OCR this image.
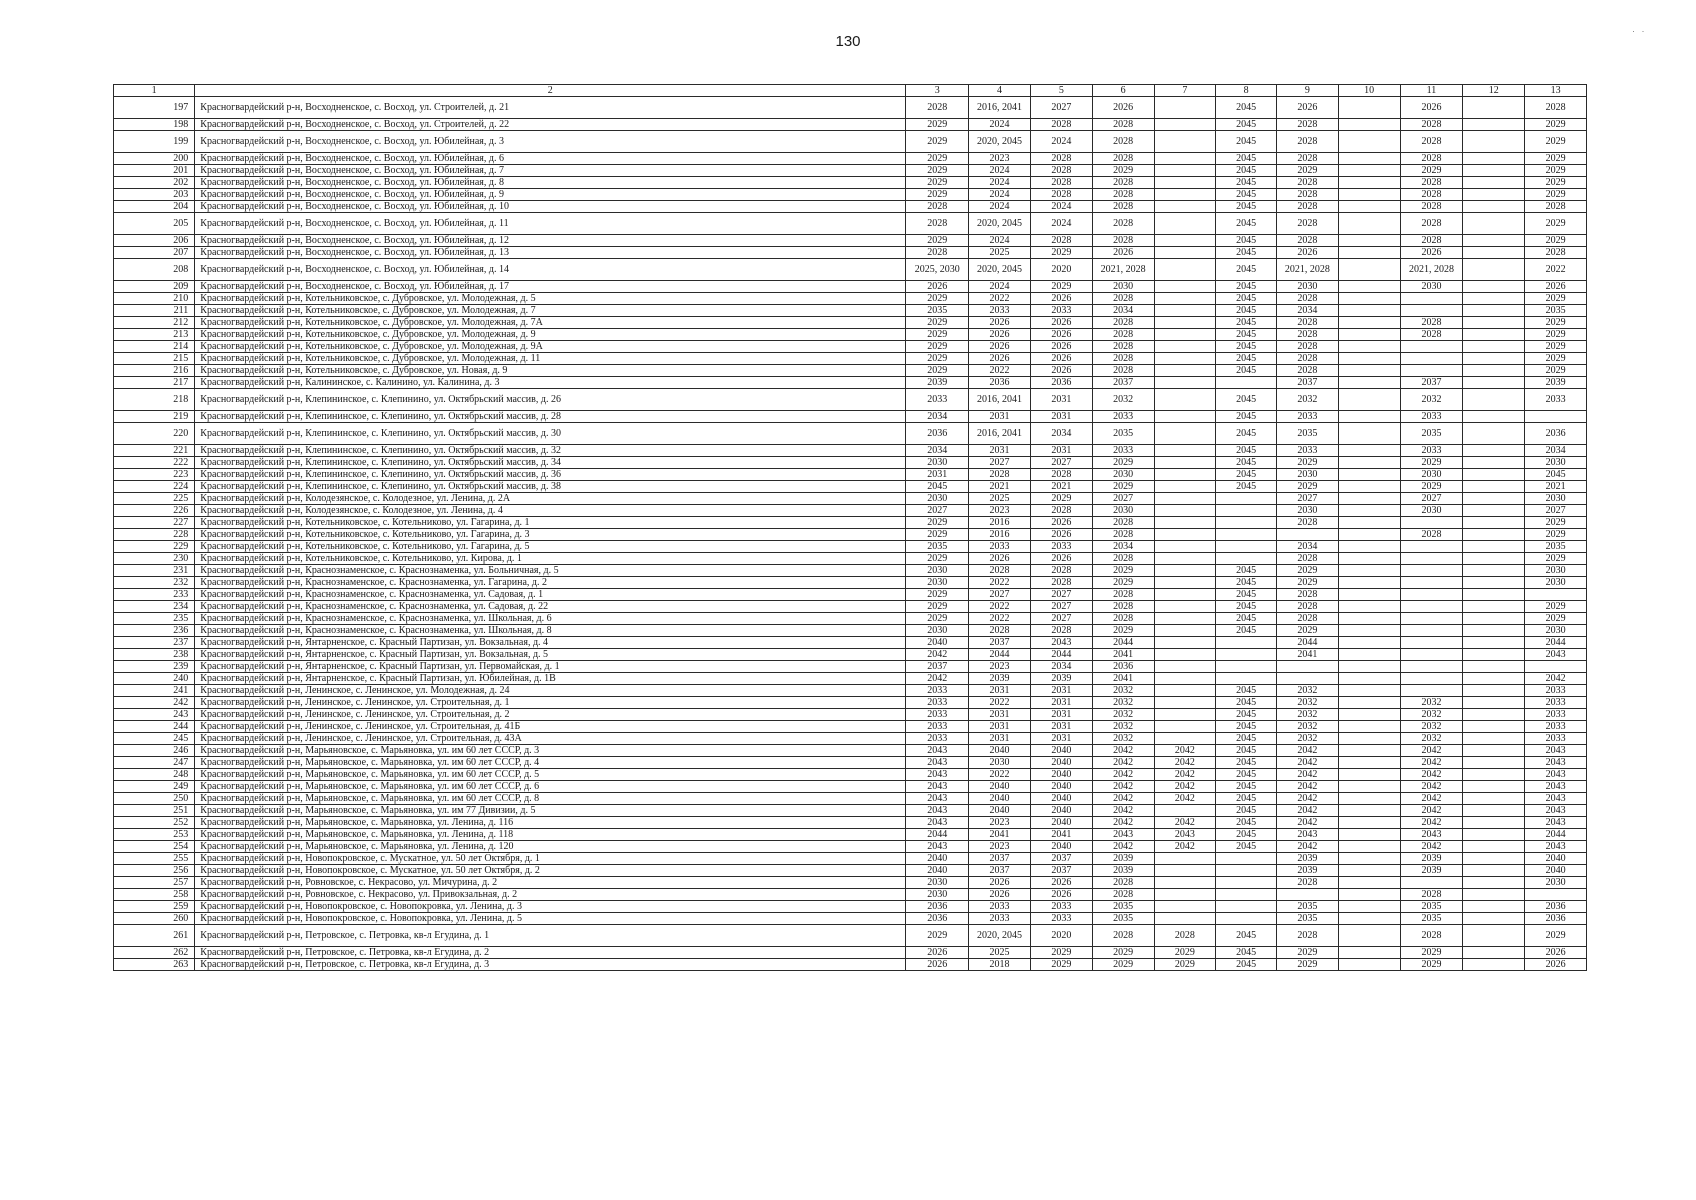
130
· ·
1	2	3	4	5	6	7	8	9	10	11	12	13
197	Красногвардейский р-н, Восходненское, с. Восход, ул. Строителей, д. 21	2028	2016, 2041	2027	2026		2045	2026		2026		2028
198	Красногвардейский р-н, Восходненское, с. Восход, ул. Строителей, д. 22	2029	2024	2028	2028		2045	2028		2028		2029
199	Красногвардейский р-н, Восходненское, с. Восход, ул. Юбилейная, д. 3	2029	2020, 2045	2024	2028		2045	2028		2028		2029
200	Красногвардейский р-н, Восходненское, с. Восход, ул. Юбилейная, д. 6	2029	2023	2028	2028		2045	2028		2028		2029
201	Красногвардейский р-н, Восходненское, с. Восход, ул. Юбилейная, д. 7	2029	2024	2028	2029		2045	2029		2029		2029
202	Красногвардейский р-н, Восходненское, с. Восход, ул. Юбилейная, д. 8	2029	2024	2028	2028		2045	2028		2028		2029
203	Красногвардейский р-н, Восходненское, с. Восход, ул. Юбилейная, д. 9	2029	2024	2028	2028		2045	2028		2028		2029
204	Красногвардейский р-н, Восходненское, с. Восход, ул. Юбилейная, д. 10	2028	2024	2024	2028		2045	2028		2028		2028
205	Красногвардейский р-н, Восходненское, с. Восход, ул. Юбилейная, д. 11	2028	2020, 2045	2024	2028		2045	2028		2028		2029
206	Красногвардейский р-н, Восходненское, с. Восход, ул. Юбилейная, д. 12	2029	2024	2028	2028		2045	2028		2028		2029
207	Красногвардейский р-н, Восходненское, с. Восход, ул. Юбилейная, д. 13	2028	2025	2029	2026		2045	2026		2026		2028
208	Красногвардейский р-н, Восходненское, с. Восход, ул. Юбилейная, д. 14	2025, 2030	2020, 2045	2020	2021, 2028		2045	2021, 2028		2021, 2028		2022
209	Красногвардейский р-н, Восходненское, с. Восход, ул. Юбилейная, д. 17	2026	2024	2029	2030		2045	2030		2030		2026
210	Красногвардейский р-н, Котельниковское, с. Дубровское, ул. Молодежная, д. 5	2029	2022	2026	2028		2045	2028				2029
211	Красногвардейский р-н, Котельниковское, с. Дубровское, ул. Молодежная, д. 7	2035	2033	2033	2034		2045	2034				2035
212	Красногвардейский р-н, Котельниковское, с. Дубровское, ул. Молодежная, д. 7А	2029	2026	2026	2028		2045	2028		2028		2029
213	Красногвардейский р-н, Котельниковское, с. Дубровское, ул. Молодежная, д. 9	2029	2026	2026	2028		2045	2028		2028		2029
214	Красногвардейский р-н, Котельниковское, с. Дубровское, ул. Молодежная, д. 9А	2029	2026	2026	2028		2045	2028				2029
215	Красногвардейский р-н, Котельниковское, с. Дубровское, ул. Молодежная, д. 11	2029	2026	2026	2028		2045	2028				2029
216	Красногвардейский р-н, Котельниковское, с. Дубровское, ул. Новая, д. 9	2029	2022	2026	2028		2045	2028				2029
217	Красногвардейский р-н, Калининское, с. Калинино, ул. Калинина, д. 3	2039	2036	2036	2037			2037		2037		2039
218	Красногвардейский р-н, Клепининское, с. Клепинино, ул. Октябрьский массив, д. 26	2033	2016, 2041	2031	2032		2045	2032		2032		2033
219	Красногвардейский р-н, Клепининское, с. Клепинино, ул. Октябрьский массив, д. 28	2034	2031	2031	2033		2045	2033		2033		
220	Красногвардейский р-н, Клепининское, с. Клепинино, ул. Октябрьский массив, д. 30	2036	2016, 2041	2034	2035		2045	2035		2035		2036
221	Красногвардейский р-н, Клепининское, с. Клепинино, ул. Октябрьский массив, д. 32	2034	2031	2031	2033		2045	2033		2033		2034
222	Красногвардейский р-н, Клепининское, с. Клепинино, ул. Октябрьский массив, д. 34	2030	2027	2027	2029		2045	2029		2029		2030
223	Красногвардейский р-н, Клепининское, с. Клепинино, ул. Октябрьский массив, д. 36	2031	2028	2028	2030		2045	2030		2030		2045
224	Красногвардейский р-н, Клепининское, с. Клепинино, ул. Октябрьский массив, д. 38	2045	2021	2021	2029		2045	2029		2029		2021
225	Красногвардейский р-н, Колодезянское, с. Колодезное, ул. Ленина, д. 2А	2030	2025	2029	2027			2027		2027		2030
226	Красногвардейский р-н, Колодезянское, с. Колодезное, ул. Ленина, д. 4	2027	2023	2028	2030			2030		2030		2027
227	Красногвардейский р-н, Котельниковское, с. Котельниково, ул. Гагарина, д. 1	2029	2016	2026	2028			2028				2029
228	Красногвардейский р-н, Котельниковское, с. Котельниково, ул. Гагарина, д. 3	2029	2016	2026	2028					2028		2029
229	Красногвардейский р-н, Котельниковское, с. Котельниково, ул. Гагарина, д. 5	2035	2033	2033	2034			2034				2035
230	Красногвардейский р-н, Котельниковское, с. Котельниково, ул. Кирова, д. 1	2029	2026	2026	2028			2028				2029
231	Красногвардейский р-н, Краснознаменское, с. Краснознаменка, ул. Больничная, д. 5	2030	2028	2028	2029		2045	2029				2030
232	Красногвардейский р-н, Краснознаменское, с. Краснознаменка, ул. Гагарина, д. 2	2030	2022	2028	2029		2045	2029				2030
233	Красногвардейский р-н, Краснознаменское, с. Краснознаменка, ул. Садовая, д. 1	2029	2027	2027	2028		2045	2028				
234	Красногвардейский р-н, Краснознаменское, с. Краснознаменка, ул. Садовая, д. 22	2029	2022	2027	2028		2045	2028				2029
235	Красногвардейский р-н, Краснознаменское, с. Краснознаменка, ул. Школьная, д. 6	2029	2022	2027	2028		2045	2028				2029
236	Красногвардейский р-н, Краснознаменское, с. Краснознаменка, ул. Школьная, д. 8	2030	2028	2028	2029		2045	2029				2030
237	Красногвардейский р-н, Янтарненское, с. Красный Партизан, ул. Вокзальная, д. 4	2040	2037	2043	2044			2044				2044
238	Красногвардейский р-н, Янтарненское, с. Красный Партизан, ул. Вокзальная, д. 5	2042	2044	2044	2041			2041				2043
239	Красногвардейский р-н, Янтарненское, с. Красный Партизан, ул. Первомайская, д. 1	2037	2023	2034	2036							
240	Красногвардейский р-н, Янтарненское, с. Красный Партизан, ул. Юбилейная, д. 1В	2042	2039	2039	2041							2042
241	Красногвардейский р-н, Ленинское, с. Ленинское, ул. Молодежная, д. 24	2033	2031	2031	2032		2045	2032				2033
242	Красногвардейский р-н, Ленинское, с. Ленинское, ул. Строительная, д. 1	2033	2022	2031	2032		2045	2032		2032		2033
243	Красногвардейский р-н, Ленинское, с. Ленинское, ул. Строительная, д. 2	2033	2031	2031	2032		2045	2032		2032		2033
244	Красногвардейский р-н, Ленинское, с. Ленинское, ул. Строительная, д. 41Б	2033	2031	2031	2032		2045	2032		2032		2033
245	Красногвардейский р-н, Ленинское, с. Ленинское, ул. Строительная, д. 43А	2033	2031	2031	2032		2045	2032		2032		2033
246	Красногвардейский р-н, Марьяновское, с. Марьяновка, ул. им 60 лет СССР, д. 3	2043	2040	2040	2042	2042	2045	2042		2042		2043
247	Красногвардейский р-н, Марьяновское, с. Марьяновка, ул. им 60 лет СССР, д. 4	2043	2030	2040	2042	2042	2045	2042		2042		2043
248	Красногвардейский р-н, Марьяновское, с. Марьяновка, ул. им 60 лет СССР, д. 5	2043	2022	2040	2042	2042	2045	2042		2042		2043
249	Красногвардейский р-н, Марьяновское, с. Марьяновка, ул. им 60 лет СССР, д. 6	2043	2040	2040	2042	2042	2045	2042		2042		2043
250	Красногвардейский р-н, Марьяновское, с. Марьяновка, ул. им 60 лет СССР, д. 8	2043	2040	2040	2042	2042	2045	2042		2042		2043
251	Красногвардейский р-н, Марьяновское, с. Марьяновка, ул. им 77 Дивизии, д. 5	2043	2040	2040	2042		2045	2042		2042		2043
252	Красногвардейский р-н, Марьяновское, с. Марьяновка, ул. Ленина, д. 116	2043	2023	2040	2042	2042	2045	2042		2042		2043
253	Красногвардейский р-н, Марьяновское, с. Марьяновка, ул. Ленина, д. 118	2044	2041	2041	2043	2043	2045	2043		2043		2044
254	Красногвардейский р-н, Марьяновское, с. Марьяновка, ул. Ленина, д. 120	2043	2023	2040	2042	2042	2045	2042		2042		2043
255	Красногвардейский р-н, Новопокровское, с. Мускатное, ул. 50 лет Октября, д. 1	2040	2037	2037	2039			2039		2039		2040
256	Красногвардейский р-н, Новопокровское, с. Мускатное, ул. 50 лет Октября, д. 2	2040	2037	2037	2039			2039		2039		2040
257	Красногвардейский р-н, Ровновское, с. Некрасово, ул. Мичурина, д. 2	2030	2026	2026	2028			2028				2030
258	Красногвардейский р-н, Ровновское, с. Некрасово, ул. Привокзальная, д. 2	2030	2026	2026	2028					2028		
259	Красногвардейский р-н, Новопокровское, с. Новопокровка, ул. Ленина, д. 3	2036	2033	2033	2035			2035		2035		2036
260	Красногвардейский р-н, Новопокровское, с. Новопокровка, ул. Ленина, д. 5	2036	2033	2033	2035			2035		2035		2036
261	Красногвардейский р-н, Петровское, с. Петровка, кв-л Егудина, д. 1	2029	2020, 2045	2020	2028	2028	2045	2028		2028		2029
262	Красногвардейский р-н, Петровское, с. Петровка, кв-л Егудина, д. 2	2026	2025	2029	2029	2029	2045	2029		2029		2026
263	Красногвардейский р-н, Петровское, с. Петровка, кв-л Егудина, д. 3	2026	2018	2029	2029	2029	2045	2029		2029		2026
